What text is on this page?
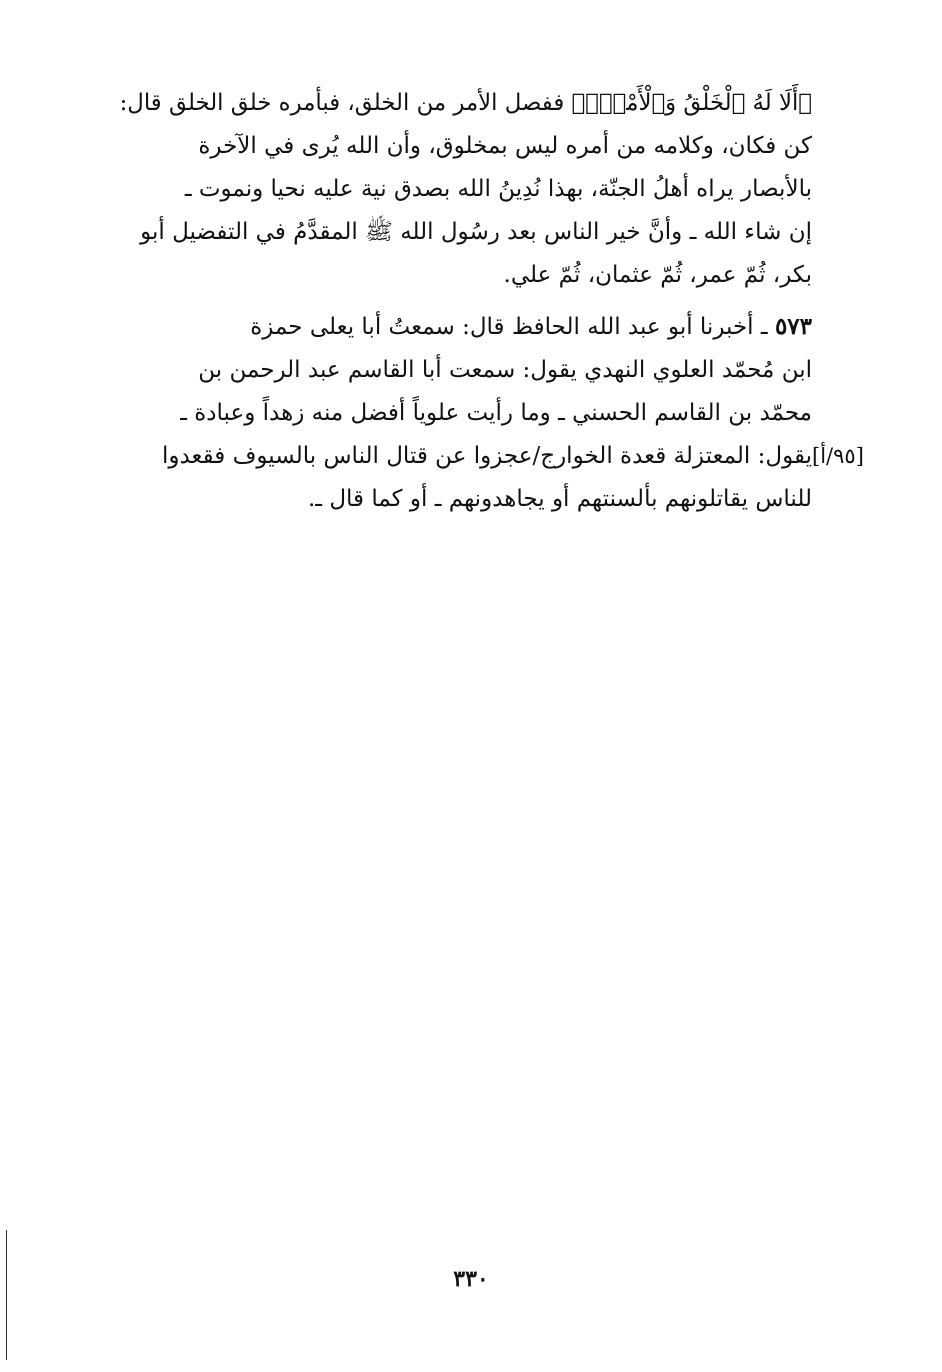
﴿أَلَا لَهُ ٱلْخَلْقُ وَٱلْأَمْرُۗ﴾ ففصل الأمر من الخلق، فبأمره خلق الخلق قال:
كن فكان، وكلامه من أمره ليس بمخلوق، وأن الله يُرى في الآخرة
بالأبصار يراه أهلُ الجنّة، بهذا نُدِينُ الله بصدق نية عليه نحيا ونموت ـ
إن شاء الله ـ وأنَّ خير الناس بعد رسُول الله ﷺ المقدَّمُ في التفضيل أبو
بكر، ثُمّ عمر، ثُمّ عثمان، ثُمّ علي.
٥٧٣ ـ أخبرنا أبو عبد الله الحافظ قال: سمعتُ أبا يعلى حمزة
ابن مُحمّد العلوي النهدي يقول: سمعت أبا القاسم عبد الرحمن بن
محمّد بن القاسم الحسني ـ وما رأيت علوياً أفضل منه زهداً وعبادة ـ
يقول: المعتزلة قعدة الخوارج/عجزوا عن قتال الناس بالسيوف فقعدوا
للناس يقاتلونهم بألسنتهم أو يجاهدونهم ـ أو كما قال ـ.
[٩٥/أ]
٣٣٠
